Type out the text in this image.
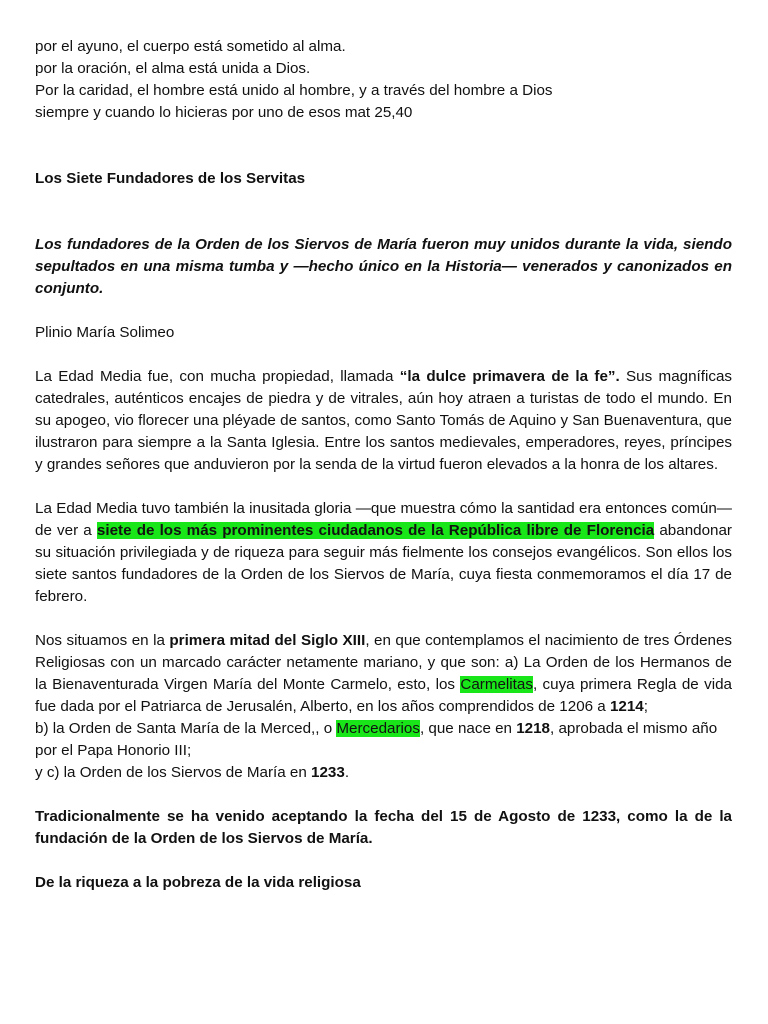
por el ayuno, el cuerpo está sometido al alma.

por la oración, el alma está unida a Dios.

Por la caridad, el hombre está unido al hombre, y a través del hombre a Dios

siempre y cuando lo hicieras por uno de esos mat 25,40

Los Siete Fundadores de los Servitas

Los fundadores de la Orden de los Siervos de María fueron muy unidos durante la vida, siendo sepultados en una misma tumba y —hecho único en la Historia— venerados y canonizados en conjunto.

Plinio María Solimeo

La Edad Media fue, con mucha propiedad, llamada “la dulce primavera de la fe”. Sus magníficas catedrales, auténticos encajes de piedra y de vitrales, aún hoy atraen a turistas de todo el mundo. En su apogeo, vio florecer una pléyade de santos, como Santo Tomás de Aquino y San Buenaventura, que ilustraron para siempre a la Santa Iglesia. Entre los santos medievales, emperadores, reyes, príncipes y grandes señores que anduvieron por la senda de la virtud fueron elevados a la honra de los altares.

La Edad Media tuvo también la inusitada gloria —que muestra cómo la santidad era entonces común— de ver a siete de los más prominentes ciudadanos de la República libre de Florencia abandonar su situación privilegiada y de riqueza para seguir más fielmente los consejos evangélicos. Son ellos los siete santos fundadores de la Orden de los Siervos de María, cuya fiesta conmemoramos el día 17 de febrero.

Nos situamos en la primera mitad del Siglo XIII, en que contemplamos el nacimiento de tres Órdenes Religiosas con un marcado carácter netamente mariano, y que son: a) La Orden de los Hermanos de la Bienaventurada Virgen María del Monte Carmelo, esto, los Carmelitas, cuya primera Regla de vida fue dada por el Patriarca de Jerusalén, Alberto, en los años comprendidos de 1206 a 1214;

b) la Orden de Santa María de la Merced,, o Mercedarios, que nace en 1218, aprobada el mismo año por el Papa Honorio III;

y c) la Orden de los Siervos de María en 1233.

Tradicionalmente se ha venido aceptando la fecha del 15 de Agosto de 1233, como la de la fundación de la Orden de los Siervos de María.

De la riqueza a la pobreza de la vida religiosa
